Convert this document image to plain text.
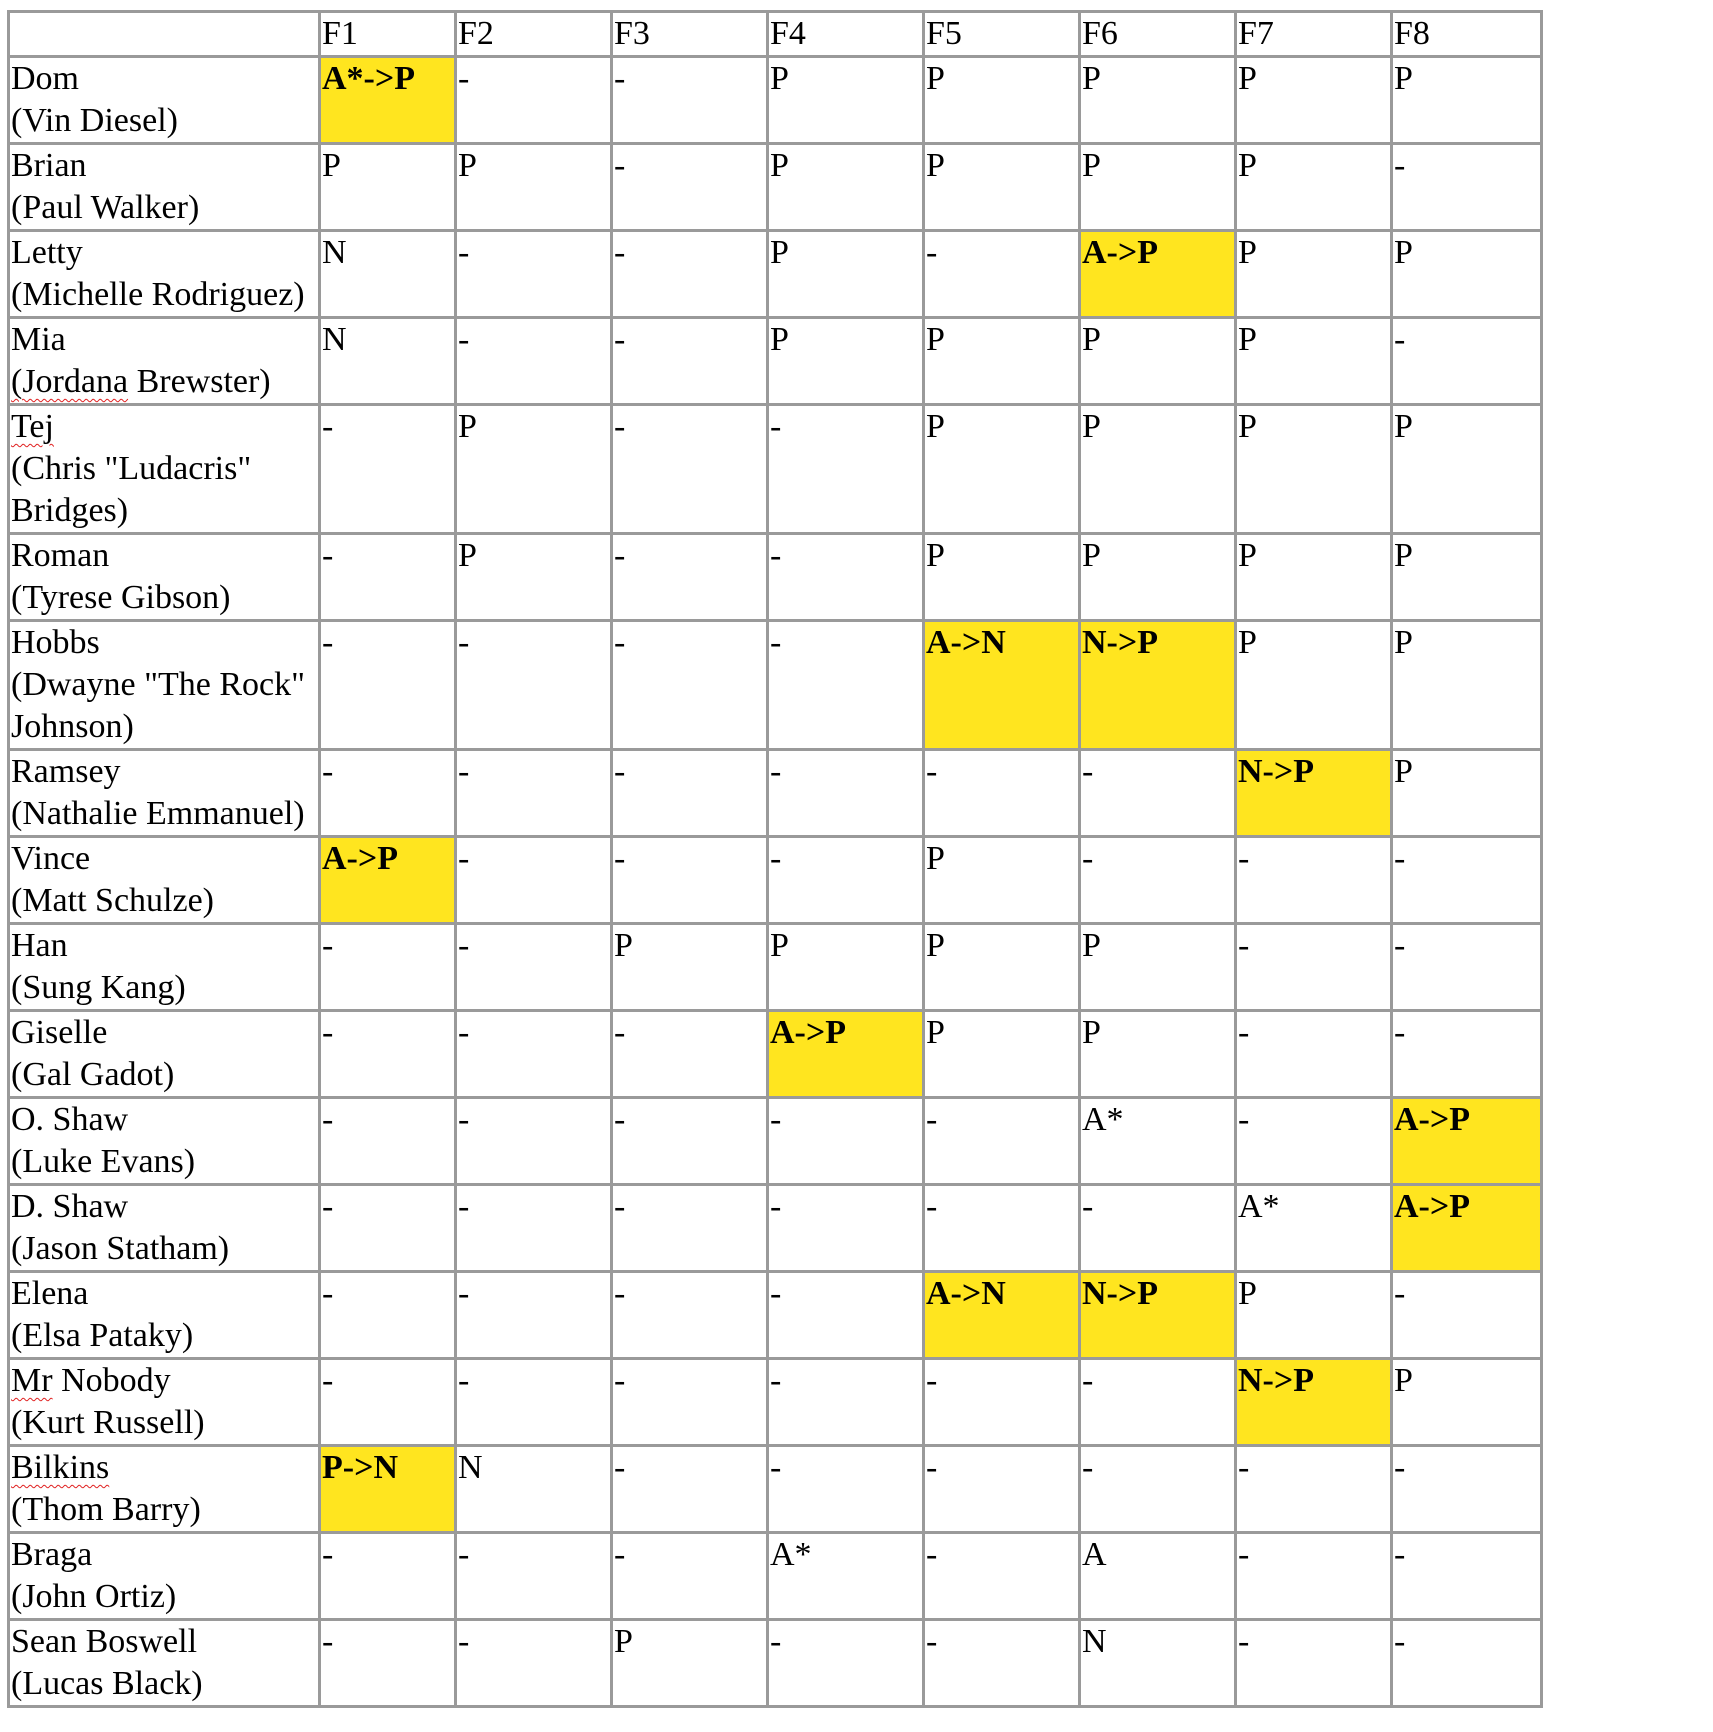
	F1	F2	F3	F4	F5	F6	F7	F8

Dom
(Vin Diesel)	A*->P	-	-	P	P	P	P	P

Brian
(Paul Walker)	P	P	-	P	P	P	P	-

Letty
(Michelle Rodriguez)	N	-	-	P	-	A->P	P	P

Mia
(Jordana Brewster)	N	-	-	P	P	P	P	-

Tej
(Chris "Ludacris"
Bridges)	-	P	-	-	P	P	P	P

Roman
(Tyrese Gibson)	-	P	-	-	P	P	P	P

Hobbs
(Dwayne "The Rock"
Johnson)	-	-	-	-	A->N	N->P	P	P

Ramsey
(Nathalie Emmanuel)	-	-	-	-	-	-	N->P	P

Vince
(Matt Schulze)	A->P	-	-	-	P	-	-	-

Han
(Sung Kang)	-	-	P	P	P	P	-	-

Giselle
(Gal Gadot)	-	-	-	A->P	P	P	-	-

O. Shaw
(Luke Evans)	-	-	-	-	-	A*	-	A->P

D. Shaw
(Jason Statham)	-	-	-	-	-	-	A*	A->P

Elena
(Elsa Pataky)	-	-	-	-	A->N	N->P	P	-

Mr Nobody
(Kurt Russell)	-	-	-	-	-	-	N->P	P

Bilkins
(Thom Barry)	P->N	N	-	-	-	-	-	-

Braga
(John Ortiz)	-	-	-	A*	-	A	-	-

Sean Boswell
(Lucas Black)	-	-	P	-	-	N	-	-
